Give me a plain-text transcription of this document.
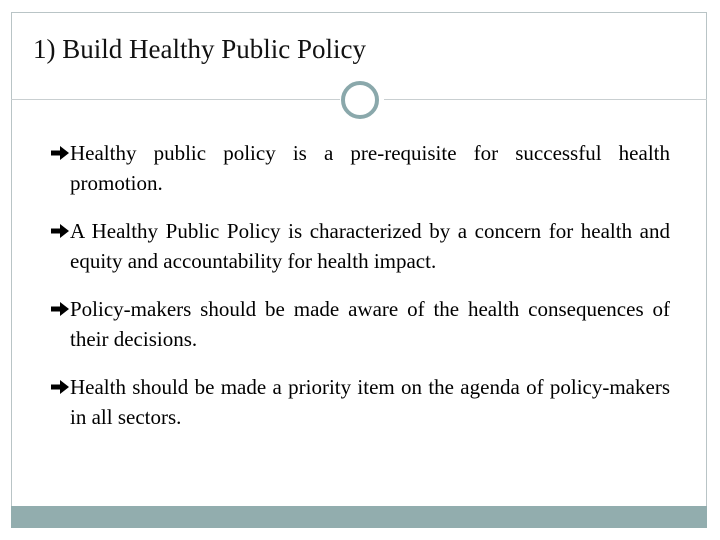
1) Build Healthy Public Policy
Healthy public policy is a pre-requisite for successful health promotion.
A Healthy Public Policy is characterized by a concern for health and equity and accountability for health impact.
Policy-makers should be made aware of the health consequences of their decisions.
Health should be made a priority item on the agenda of policy-makers in all sectors.
